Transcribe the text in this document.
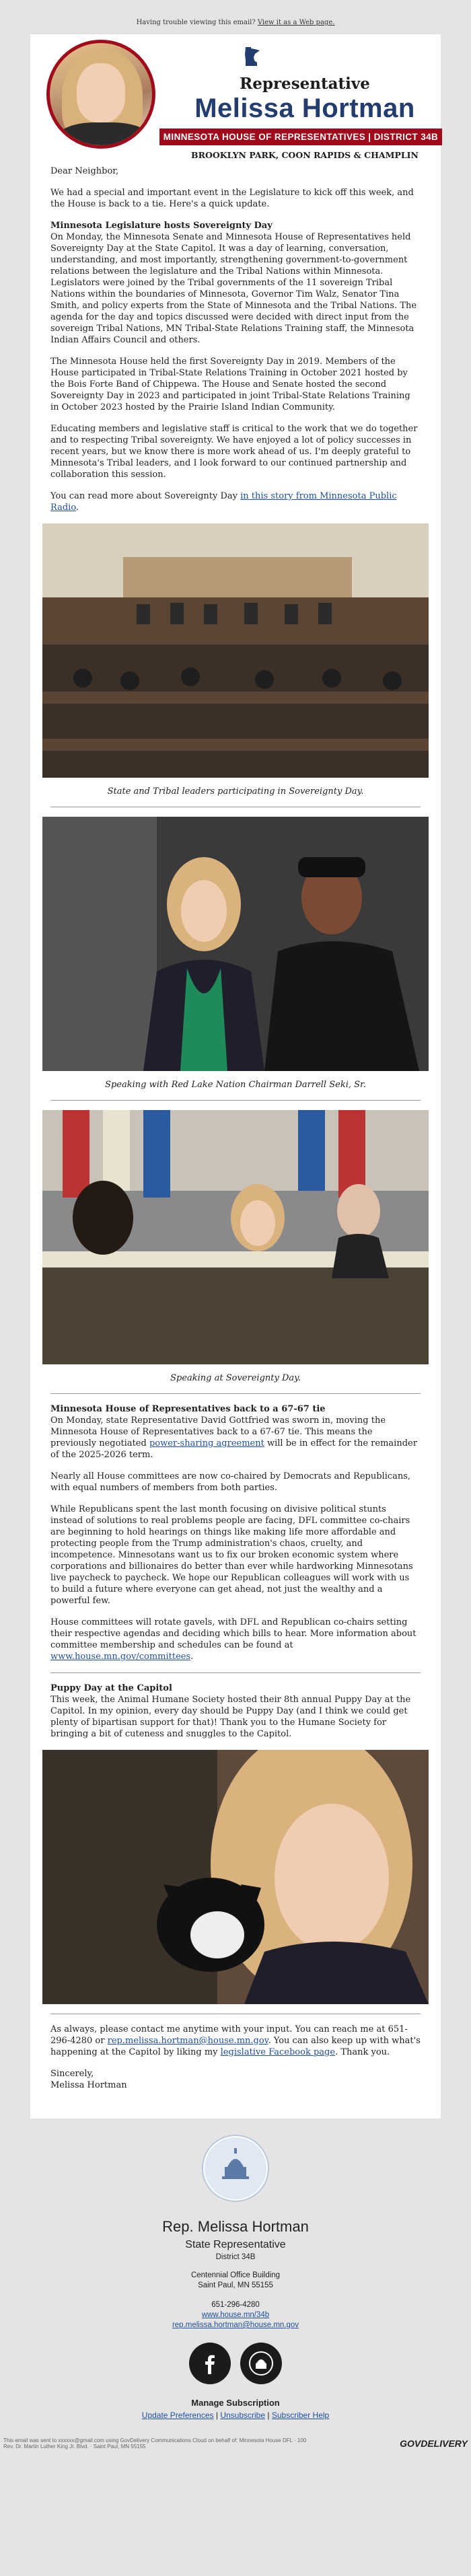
Having trouble viewing this email? View it as a Web page.
Representative
Melissa Hortman
MINNESOTA HOUSE OF REPRESENTATIVES | DISTRICT 34B
BROOKLYN PARK, COON RAPIDS & CHAMPLIN

Dear Neighbor,

We had a special and important event in the Legislature to kick off this week, and the House is back to a tie. Here's a quick update.

Minnesota Legislature hosts Sovereignty Day

On Monday, the Minnesota Senate and Minnesota House of Representatives held Sovereignty Day at the State Capitol. It was a day of learning, conversation, understanding, and most importantly, strengthening government-to-government relations between the legislature and the Tribal Nations within Minnesota. Legislators were joined by the Tribal governments of the 11 sovereign Tribal Nations within the boundaries of Minnesota, Governor Tim Walz, Senator Tina Smith, and policy experts from the State of Minnesota and the Tribal Nations. The agenda for the day and topics discussed were decided with direct input from the sovereign Tribal Nations, MN Tribal-State Relations Training staff, the Minnesota Indian Affairs Council and others.

The Minnesota House held the first Sovereignty Day in 2019. Members of the House participated in Tribal-State Relations Training in October 2021 hosted by the Bois Forte Band of Chippewa. The House and Senate hosted the second Sovereignty Day in 2023 and participated in joint Tribal-State Relations Training in October 2023 hosted by the Prairie Island Indian Community.

Educating members and legislative staff is critical to the work that we do together and to respecting Tribal sovereignty. We have enjoyed a lot of policy successes in recent years, but we know there is more work ahead of us. I'm deeply grateful to Minnesota's Tribal leaders, and I look forward to our continued partnership and collaboration this session.

You can read more about Sovereignty Day in this story from Minnesota Public Radio.

State and Tribal leaders participating in Sovereignty Day.
Speaking with Red Lake Nation Chairman Darrell Seki, Sr.
Speaking at Sovereignty Day.
Minnesota House of Representatives back to a 67-67 tie

On Monday, state Representative David Gottfried was sworn in, moving the Minnesota House of Representatives back to a 67-67 tie. This means the previously negotiated power-sharing agreement will be in effect for the remainder of the 2025-2026 term.

Nearly all House committees are now co-chaired by Democrats and Republicans, with equal numbers of members from both parties.

While Republicans spent the last month focusing on divisive political stunts instead of solutions to real problems people are facing, DFL committee co-chairs are beginning to hold hearings on things like making life more affordable and protecting people from the Trump administration's chaos, cruelty, and incompetence. Minnesotans want us to fix our broken economic system where corporations and billionaires do better than ever while hardworking Minnesotans live paycheck to paycheck. We hope our Republican colleagues will work with us to build a future where everyone can get ahead, not just the wealthy and a powerful few.

House committees will rotate gavels, with DFL and Republican co-chairs setting their respective agendas and deciding which bills to hear. More information about committee membership and schedules can be found at www.house.mn.gov/committees.

Puppy Day at the Capitol

This week, the Animal Humane Society hosted their 8th annual Puppy Day at the Capitol. In my opinion, every day should be Puppy Day (and I think we could get plenty of bipartisan support for that)! Thank you to the Humane Society for bringing a bit of cuteness and snuggles to the Capitol.

As always, please contact me anytime with your input. You can reach me at 651-296-4280 or rep.melissa.hortman@house.mn.gov. You can also keep up with what's happening at the Capitol by liking my legislative Facebook page. Thank you.

Sincerely,
Melissa Hortman

Rep. Melissa Hortman
State Representative
District 34B
Centennial Office Building
Saint Paul, MN 55155
651-296-4280
www.house.mn/34b
rep.melissa.hortman@house.mn.gov
Manage Subscription
Update Preferences | Unsubscribe | Subscriber Help
This email was sent to xxxxxx@gmail.com using GovDelivery Communications Cloud on behalf of: Minnesota House DFL · 100
Rev. Dr. Martin Luther King Jr. Blvd. · Saint Paul, MN 55155	GOVDELIVERY
